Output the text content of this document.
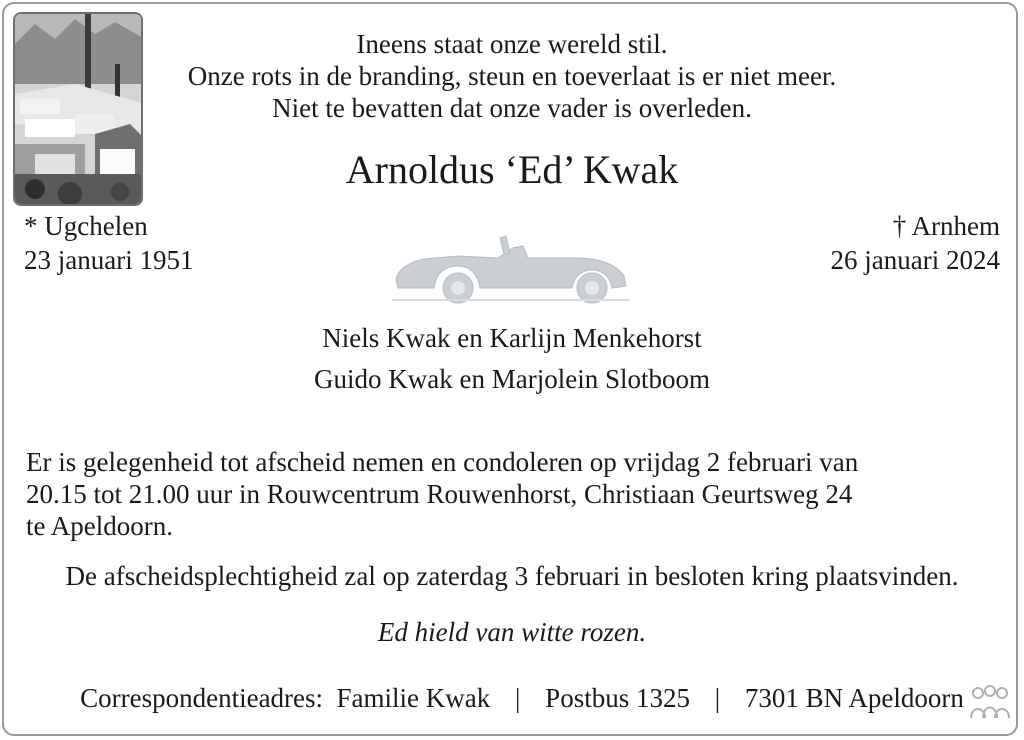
Ineens staat onze wereld stil.
Onze rots in de branding, steun en toeverlaat is er niet meer.
Niet te bevatten dat onze vader is overleden.
Arnoldus ‘Ed’ Kwak
* Ugchelen
23 januari 1951
† Arnhem
26 januari 2024
Niels Kwak en Karlijn Menkehorst
Guido Kwak en Marjolein Slotboom
Er is gelegenheid tot afscheid nemen en condoleren op vrijdag 2 februari van
20.15 tot 21.00 uur in Rouwcentrum Rouwenhorst, Christiaan Geurtsweg 24
te Apeldoorn.
De afscheidsplechtigheid zal op zaterdag 3 februari in besloten kring plaatsvinden.
Ed hield van witte rozen.
Correspondentieadres: Familie Kwak | Postbus 1325 | 7301 BN Apeldoorn
